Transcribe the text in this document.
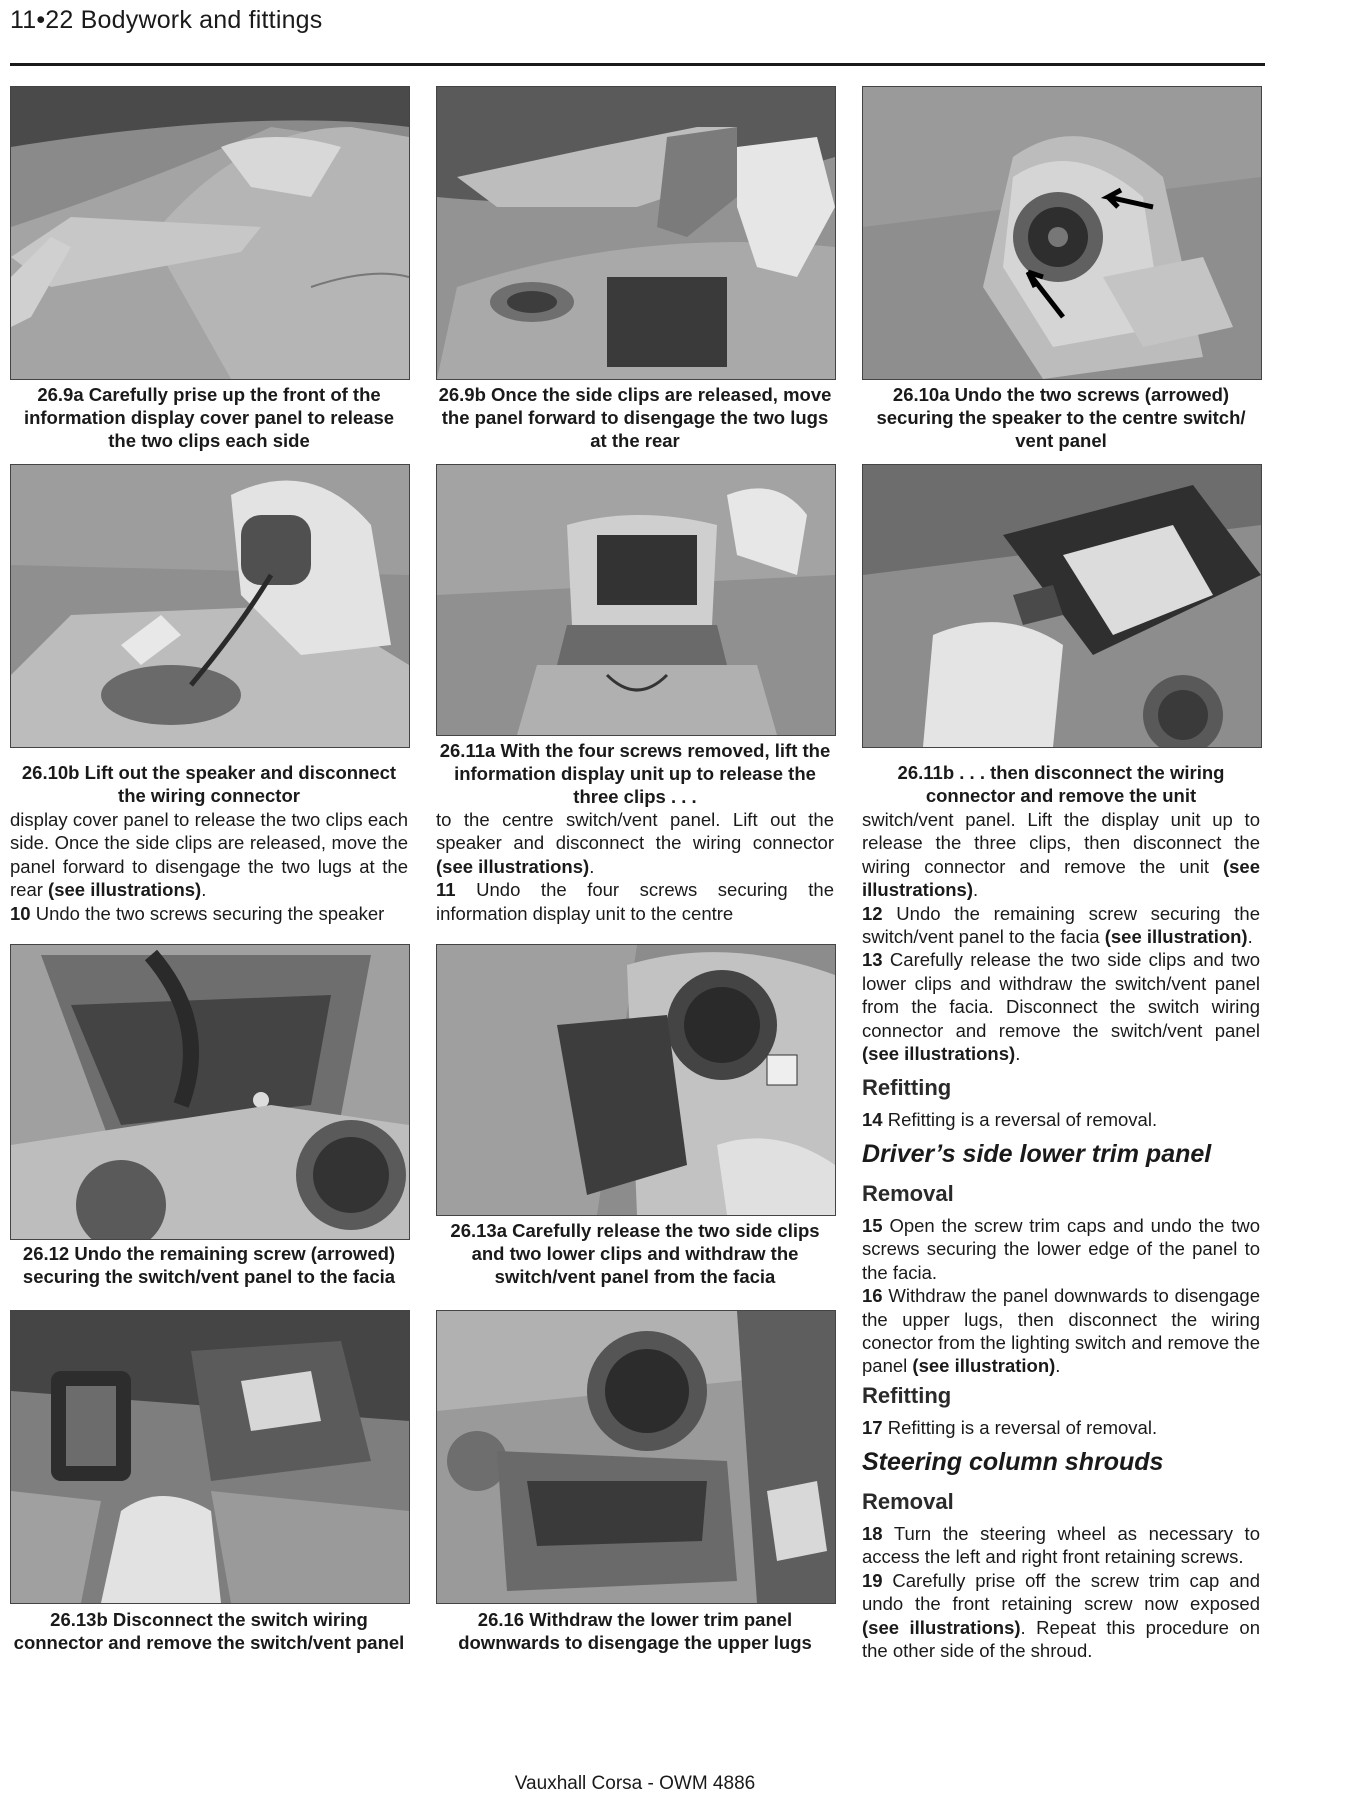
11•22 Bodywork and fittings
26.9a Carefully prise up the front of the information display cover panel to release the two clips each side
26.9b Once the side clips are released, move the panel forward to disengage the two lugs at the rear
26.10a Undo the two screws (arrowed) securing the speaker to the centre switch/ vent panel
26.10b Lift out the speaker and disconnect the wiring connector
26.11a With the four screws removed, lift the information display unit up to release the three clips . . .
26.11b . . . then disconnect the wiring connector and remove the unit

display cover panel to release the two clips each side. Once the side clips are released, move the panel forward to disengage the two lugs at the rear (see illustrations).

10 Undo the two screws securing the speaker

to the centre switch/vent panel. Lift out the speaker and disconnect the wiring connector (see illustrations).

11 Undo the four screws securing the information display unit to the centre

26.12 Undo the remaining screw (arrowed) securing the switch/vent panel to the facia
26.13a Carefully release the two side clips and two lower clips and withdraw the switch/vent panel from the facia
26.13b Disconnect the switch wiring connector and remove the switch/vent panel
26.16 Withdraw the lower trim panel downwards to disengage the upper lugs

switch/vent panel. Lift the display unit up to release the three clips, then disconnect the wiring connector and remove the unit (see illustrations).

12 Undo the remaining screw securing the switch/vent panel to the facia (see illustration).

13 Carefully release the two side clips and two lower clips and withdraw the switch/vent panel from the facia. Disconnect the switch wiring connector and remove the switch/vent panel (see illustrations).

Refitting

14 Refitting is a reversal of removal.

Driver’s side lower trim panel
Removal

15 Open the screw trim caps and undo the two screws securing the lower edge of the panel to the facia.

16 Withdraw the panel downwards to disengage the upper lugs, then disconnect the wiring conector from the lighting switch and remove the panel (see illustration).

Refitting

17 Refitting is a reversal of removal.

Steering column shrouds
Removal

18 Turn the steering wheel as necessary to access the left and right front retaining screws.

19 Carefully prise off the screw trim cap and undo the front retaining screw now exposed (see illustrations). Repeat this procedure on the other side of the shroud.

Vauxhall Corsa - OWM 4886
